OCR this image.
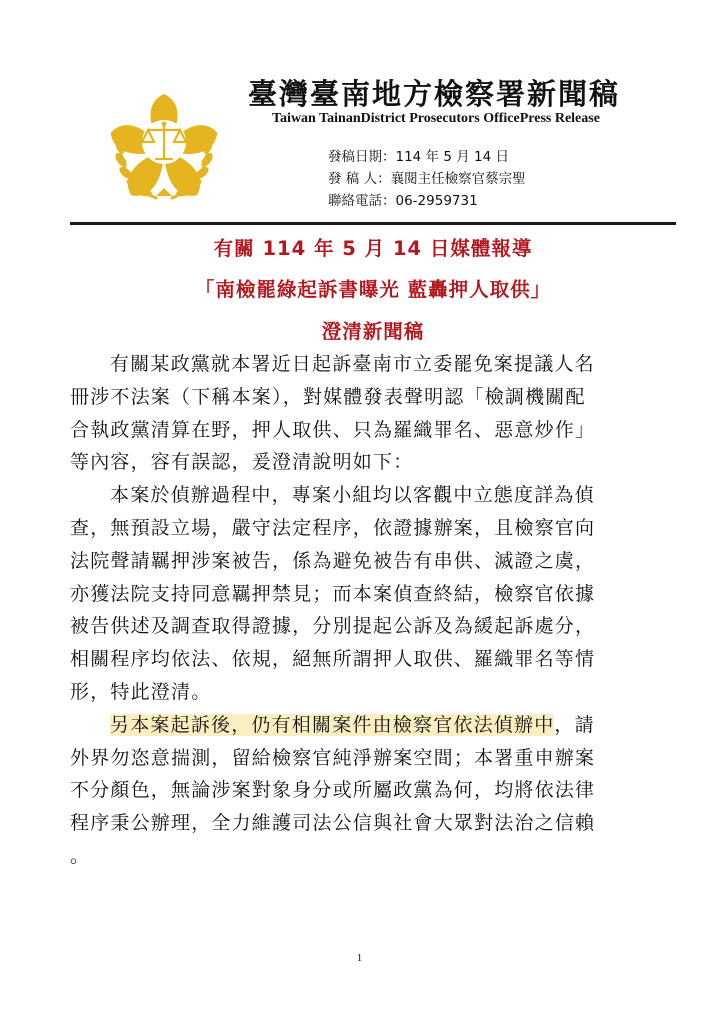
臺灣臺南地方檢察署新聞稿
Taiwan TainanDistrict Prosecutors OfficePress Release
發稿日期：114 年 5 月 14 日
發 稿 人：襄閱主任檢察官蔡宗聖
聯絡電話：06-2959731
有關 114 年 5 月 14 日媒體報導
「南檢罷綠起訴書曝光 藍轟押人取供」
澄清新聞稿
有關某政黨就本署近日起訴臺南市立委罷免案提議人名
冊涉不法案（下稱本案），對媒體發表聲明認「檢調機關配
合執政黨清算在野，押人取供、只為羅織罪名、惡意炒作」
等內容，容有誤認，爰澄清說明如下：
本案於偵辦過程中，專案小組均以客觀中立態度詳為偵
查，無預設立場，嚴守法定程序，依證據辦案，且檢察官向
法院聲請羈押涉案被告，係為避免被告有串供、滅證之虞，
亦獲法院支持同意羈押禁見；而本案偵查終結，檢察官依據
被告供述及調查取得證據，分別提起公訴及為緩起訴處分，
相關程序均依法、依規，絕無所謂押人取供、羅織罪名等情
形，特此澄清。
另本案起訴後，仍有相關案件由檢察官依法偵辦中，請
外界勿恣意揣測，留給檢察官純淨辦案空間；本署重申辦案
不分顏色，無論涉案對象身分或所屬政黨為何，均將依法律
程序秉公辦理，全力維護司法公信與社會大眾對法治之信賴
。
1
